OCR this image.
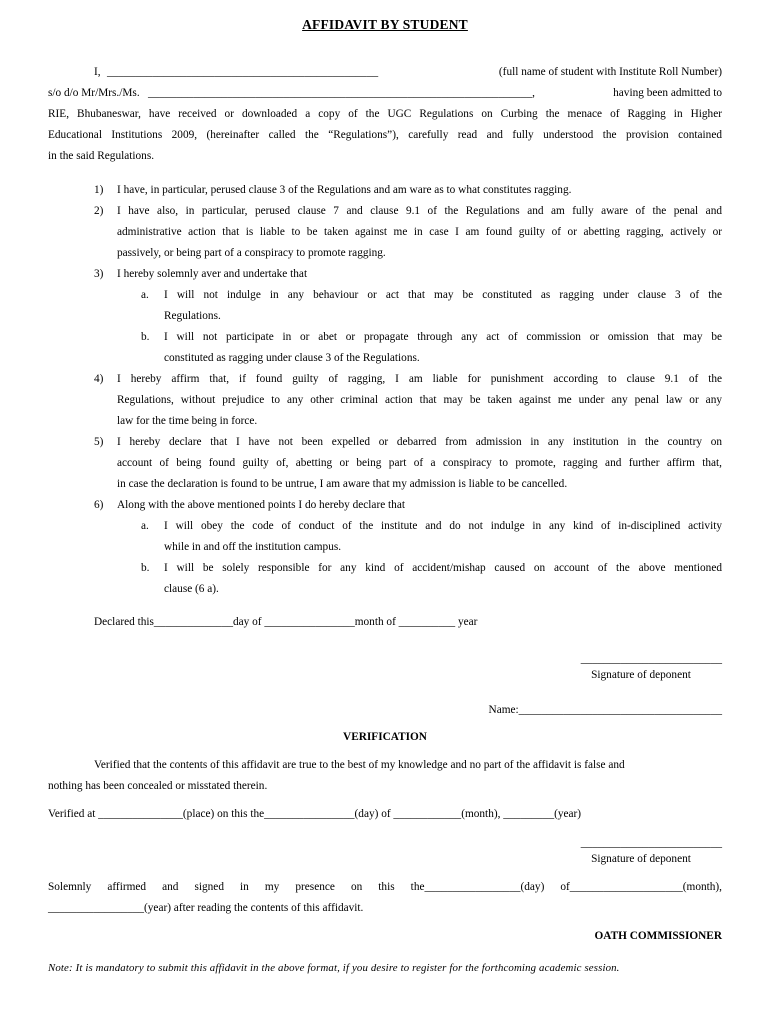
AFFIDAVIT BY STUDENT
I, ________________________________________________	(full name of student with Institute Roll Number)
s/o d/o Mr/Mrs./Ms. ____________________________________________________________________,	having been admitted to
RIE, Bhubaneswar, have received or downloaded a copy of the UGC Regulations on Curbing the menace of Ragging in Higher
Educational Institutions 2009, (hereinafter called the “Regulations”), carefully read and fully understood the provision contained
in the said Regulations.
1) I have, in particular, perused clause 3 of the Regulations and am ware as to what constitutes ragging.
2) I have also, in particular, perused clause 7 and clause 9.1 of the Regulations and am fully aware of the penal and
administrative action that is liable to be taken against me in case I am found guilty of or abetting ragging, actively or
passively, or being part of a conspiracy to promote ragging.
3) I hereby solemnly aver and undertake that
a. I will not indulge in any behaviour or act that may be constituted as ragging under clause 3 of the
Regulations.
b. I will not participate in or abet or propagate through any act of commission or omission that may be
constituted as ragging under clause 3 of the Regulations.
4) I hereby affirm that, if found guilty of ragging, I am liable for punishment according to clause 9.1 of the
Regulations, without prejudice to any other criminal action that may be taken against me under any penal law or any
law for the time being in force.
5) I hereby declare that I have not been expelled or debarred from admission in any institution in the country on
account of being found guilty of, abetting or being part of a conspiracy to promote, ragging and further affirm that,
in case the declaration is found to be untrue, I am aware that my admission is liable to be cancelled.
6) Along with the above mentioned points I do hereby declare that
a. I will obey the code of conduct of the institute and do not indulge in any kind of in-disciplined activity
while in and off the institution campus.
b. I will be solely responsible for any kind of accident/mishap caused on account of the above mentioned
clause (6 a).
Declared this______________day of ________________month of __________ year
_________________________
Signature of deponent
Name:____________________________________
VERIFICATION
Verified that the contents of this affidavit are true to the best of my knowledge and no part of the affidavit is false and
nothing has been concealed or misstated therein.
Verified at _______________(place) on this the________________(day) of ____________(month), _________(year)
_________________________
Signature of deponent
Solemnly affirmed and signed in my presence on this the_________________(day) of____________________(month),
_________________(year) after reading the contents of this affidavit.
OATH COMMISSIONER
Note: It is mandatory to submit this affidavit in the above format, if you desire to register for the forthcoming academic session.
